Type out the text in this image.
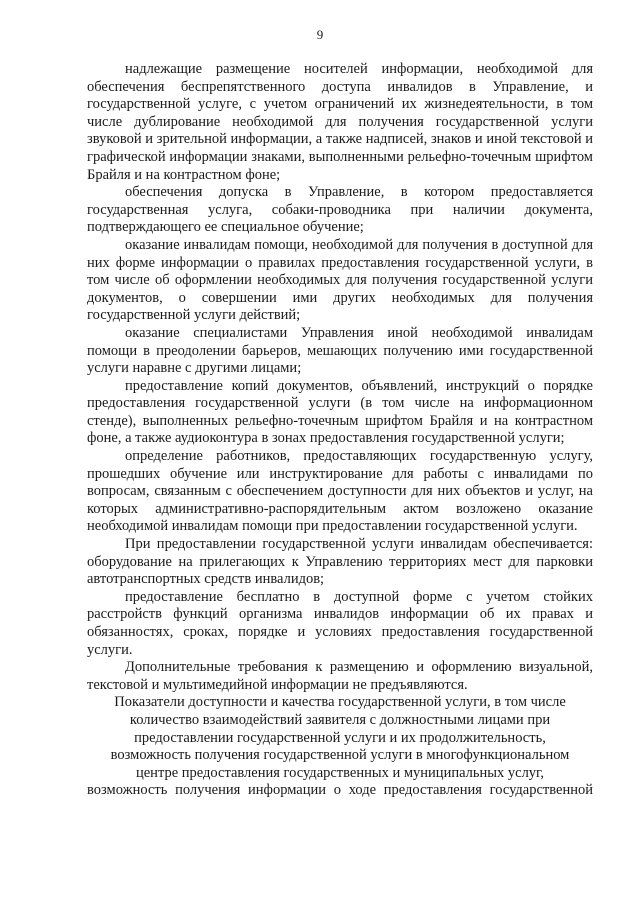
9

надлежащие размещение носителей информации, необходимой для обеспечения беспрепятственного доступа инвалидов в Управление, и государственной услуге, с учетом ограничений их жизнедеятельности, в том числе дублирование необходимой для получения государственной услуги звуковой и зрительной информации, а также надписей, знаков и иной текстовой и графической информации знаками, выполненными рельефно-точечным шрифтом Брайля и на контрастном фоне;

обеспечения допуска в Управление, в котором предоставляется государственная услуга, собаки-проводника при наличии документа, подтверждающего ее специальное обучение;

оказание инвалидам помощи, необходимой для получения в доступной для них форме информации о правилах предоставления государственной услуги, в том числе об оформлении необходимых для получения государственной услуги документов, о совершении ими других необходимых для получения государственной услуги действий;

оказание специалистами Управления иной необходимой инвалидам помощи в преодолении барьеров, мешающих получению ими государственной услуги наравне с другими лицами;

предоставление копий документов, объявлений, инструкций о порядке предоставления государственной услуги (в том числе на информационном стенде), выполненных рельефно-точечным шрифтом Брайля и на контрастном фоне, а также аудиоконтура в зонах предоставления государственной услуги;

определение работников, предоставляющих государственную услугу, прошедших обучение или инструктирование для работы с инвалидами по вопросам, связанным с обеспечением доступности для них объектов и услуг, на которых административно-распорядительным актом возложено оказание необходимой инвалидам помощи при предоставлении государственной услуги.

При предоставлении государственной услуги инвалидам обеспечивается: оборудование на прилегающих к Управлению территориях мест для парковки автотранспортных средств инвалидов;

предоставление бесплатно в доступной форме с учетом стойких расстройств функций организма инвалидов информации об их правах и обязанностях, сроках, порядке и условиях предоставления государственной услуги.

Дополнительные требования к размещению и оформлению визуальной, текстовой и мультимедийной информации не предъявляются.

Показатели доступности и качества государственной услуги, в том числе
количество взаимодействий заявителя с должностными лицами при
предоставлении государственной услуги и их продолжительность,
возможность получения государственной услуги в многофункциональном
центре предоставления государственных и муниципальных услуг,
возможность получения информации о ходе предоставления государственной
